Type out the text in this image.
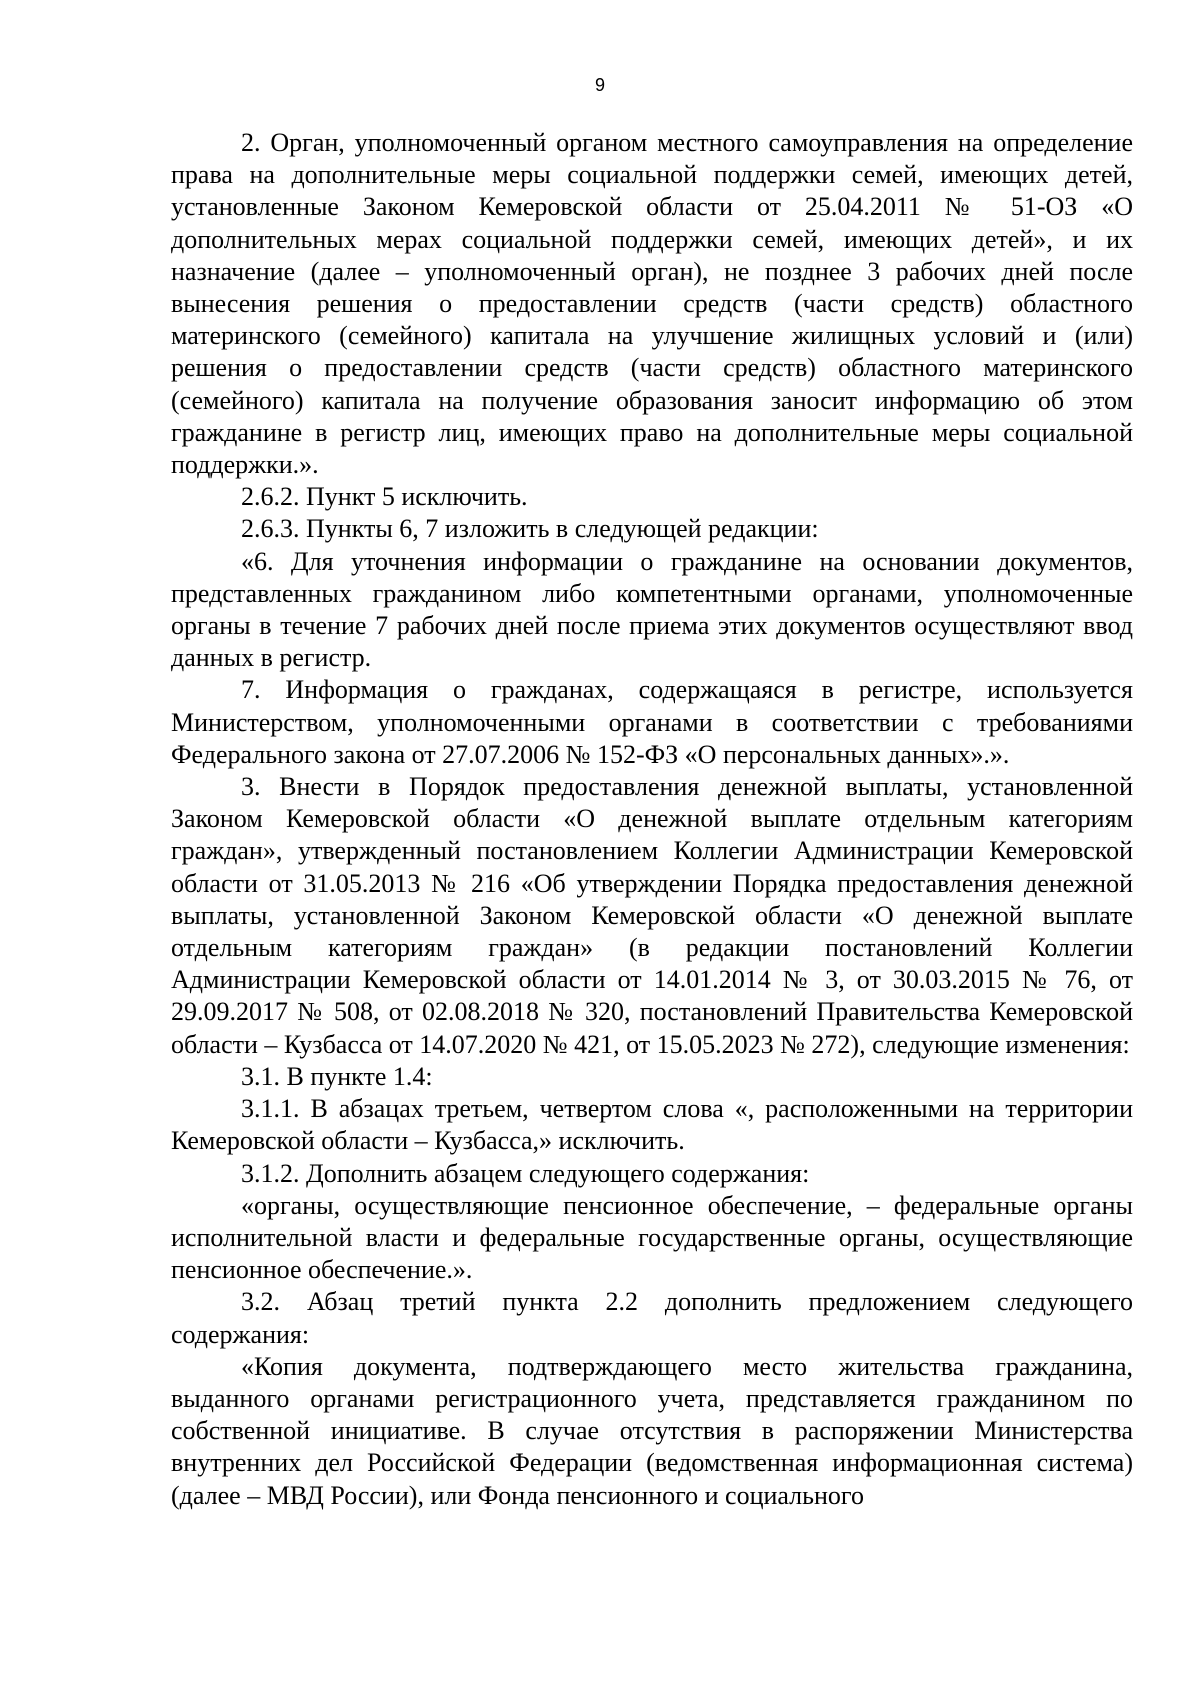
9

2. Орган, уполномоченный органом местного самоуправления на определение права на дополнительные меры социальной поддержки семей, имеющих детей, установленные Законом Кемеровской области от 25.04.2011 № 51-ОЗ «О дополнительных мерах социальной поддержки семей, имеющих детей», и их назначение (далее – уполномоченный орган), не позднее 3 рабочих дней после вынесения решения о предоставлении средств (части средств) областного материнского (семейного) капитала на улучшение жилищных условий и (или) решения о предоставлении средств (части средств) областного материнского (семейного) капитала на получение образования заносит информацию об этом гражданине в регистр лиц, имеющих право на дополнительные меры социальной поддержки.».

2.6.2. Пункт 5 исключить.

2.6.3. Пункты 6, 7 изложить в следующей редакции:

«6. Для уточнения информации о гражданине на основании документов, представленных гражданином либо компетентными органами, уполномоченные органы в течение 7 рабочих дней после приема этих документов осуществляют ввод данных в регистр.

7. Информация о гражданах, содержащаяся в регистре, используется Министерством, уполномоченными органами в соответствии с требованиями Федерального закона от 27.07.2006 № 152-ФЗ «О персональных данных».».

3. Внести в Порядок предоставления денежной выплаты, установленной Законом Кемеровской области «О денежной выплате отдельным категориям граждан», утвержденный постановлением Коллегии Администрации Кемеровской области от 31.05.2013 № 216 «Об утверждении Порядка предоставления денежной выплаты, установленной Законом Кемеровской области «О денежной выплате отдельным категориям граждан» (в редакции постановлений Коллегии Администрации Кемеровской области от 14.01.2014 № 3, от 30.03.2015 № 76, от 29.09.2017 № 508, от 02.08.2018 № 320, постановлений Правительства Кемеровской области – Кузбасса от 14.07.2020 № 421, от 15.05.2023 № 272), следующие изменения:

3.1. В пункте 1.4:

3.1.1. В абзацах третьем, четвертом слова «, расположенными на территории Кемеровской области – Кузбасса,» исключить.

3.1.2. Дополнить абзацем следующего содержания:

«органы, осуществляющие пенсионное обеспечение, – федеральные органы исполнительной власти и федеральные государственные органы, осуществляющие пенсионное обеспечение.».

3.2. Абзац третий пункта 2.2 дополнить предложением следующего содержания:

«Копия документа, подтверждающего место жительства гражданина, выданного органами регистрационного учета, представляется гражданином по собственной инициативе. В случае отсутствия в распоряжении Министерства внутренних дел Российской Федерации (ведомственная информационная система) (далее – МВД России), или Фонда пенсионного и социального
